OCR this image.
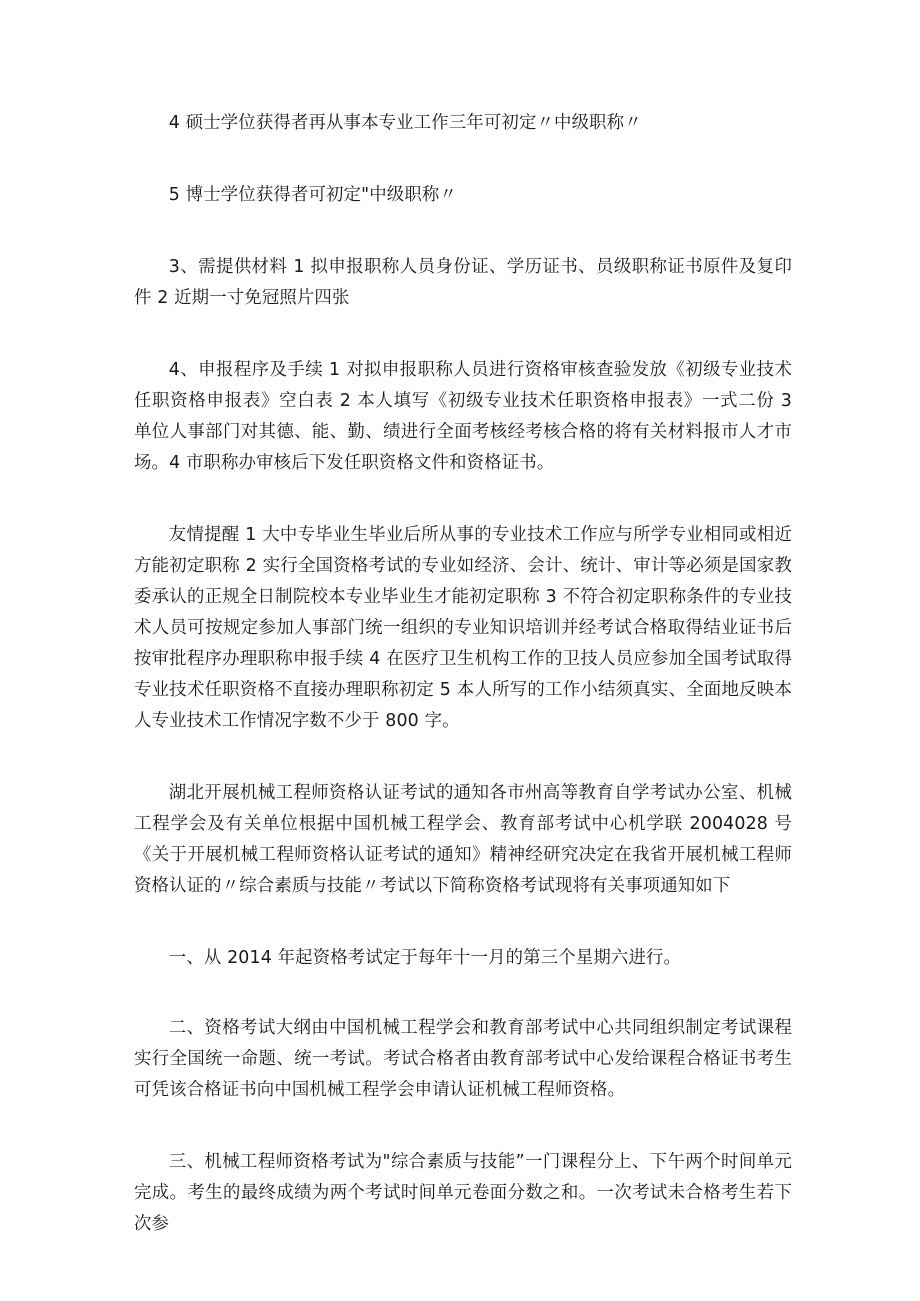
4 硕士学位获得者再从事本专业工作三年可初定〃中级职称〃

5 博士学位获得者可初定"中级职称〃

3、需提供材料 1 拟申报职称人员身份证、学历证书、员级职称证书原件及复印件 2 近期一寸免冠照片四张

4、申报程序及手续 1 对拟申报职称人员进行资格审核查验发放《初级专业技术任职资格申报表》空白表 2 本人填写《初级专业技术任职资格申报表》一式二份 3 单位人事部门对其德、能、勤、绩进行全面考核经考核合格的将有关材料报市人才市场。4 市职称办审核后下发任职资格文件和资格证书。

友情提醒 1 大中专毕业生毕业后所从事的专业技术工作应与所学专业相同或相近方能初定职称 2 实行全国资格考试的专业如经济、会计、统计、审计等必须是国家教委承认的正规全日制院校本专业毕业生才能初定职称 3 不符合初定职称条件的专业技术人员可按规定参加人事部门统一组织的专业知识培训并经考试合格取得结业证书后按审批程序办理职称申报手续 4 在医疗卫生机构工作的卫技人员应参加全国考试取得专业技术任职资格不直接办理职称初定 5 本人所写的工作小结须真实、全面地反映本人专业技术工作情况字数不少于 800 字。

湖北开展机械工程师资格认证考试的通知各市州高等教育自学考试办公室、机械工程学会及有关单位根据中国机械工程学会、教育部考试中心机学联 2004028 号《关于开展机械工程师资格认证考试的通知》精神经研究决定在我省开展机械工程师资格认证的〃综合素质与技能〃考试以下简称资格考试现将有关事项通知如下

一、从 2014 年起资格考试定于每年十一月的第三个星期六进行。

二、资格考试大纲由中国机械工程学会和教育部考试中心共同组织制定考试课程实行全国统一命题、统一考试。考试合格者由教育部考试中心发给课程合格证书考生可凭该合格证书向中国机械工程学会申请认证机械工程师资格。

三、机械工程师资格考试为"综合素质与技能”一门课程分上、下午两个时间单元完成。考生的最终成绩为两个考试时间单元卷面分数之和。一次考试未合格考生若下次参
